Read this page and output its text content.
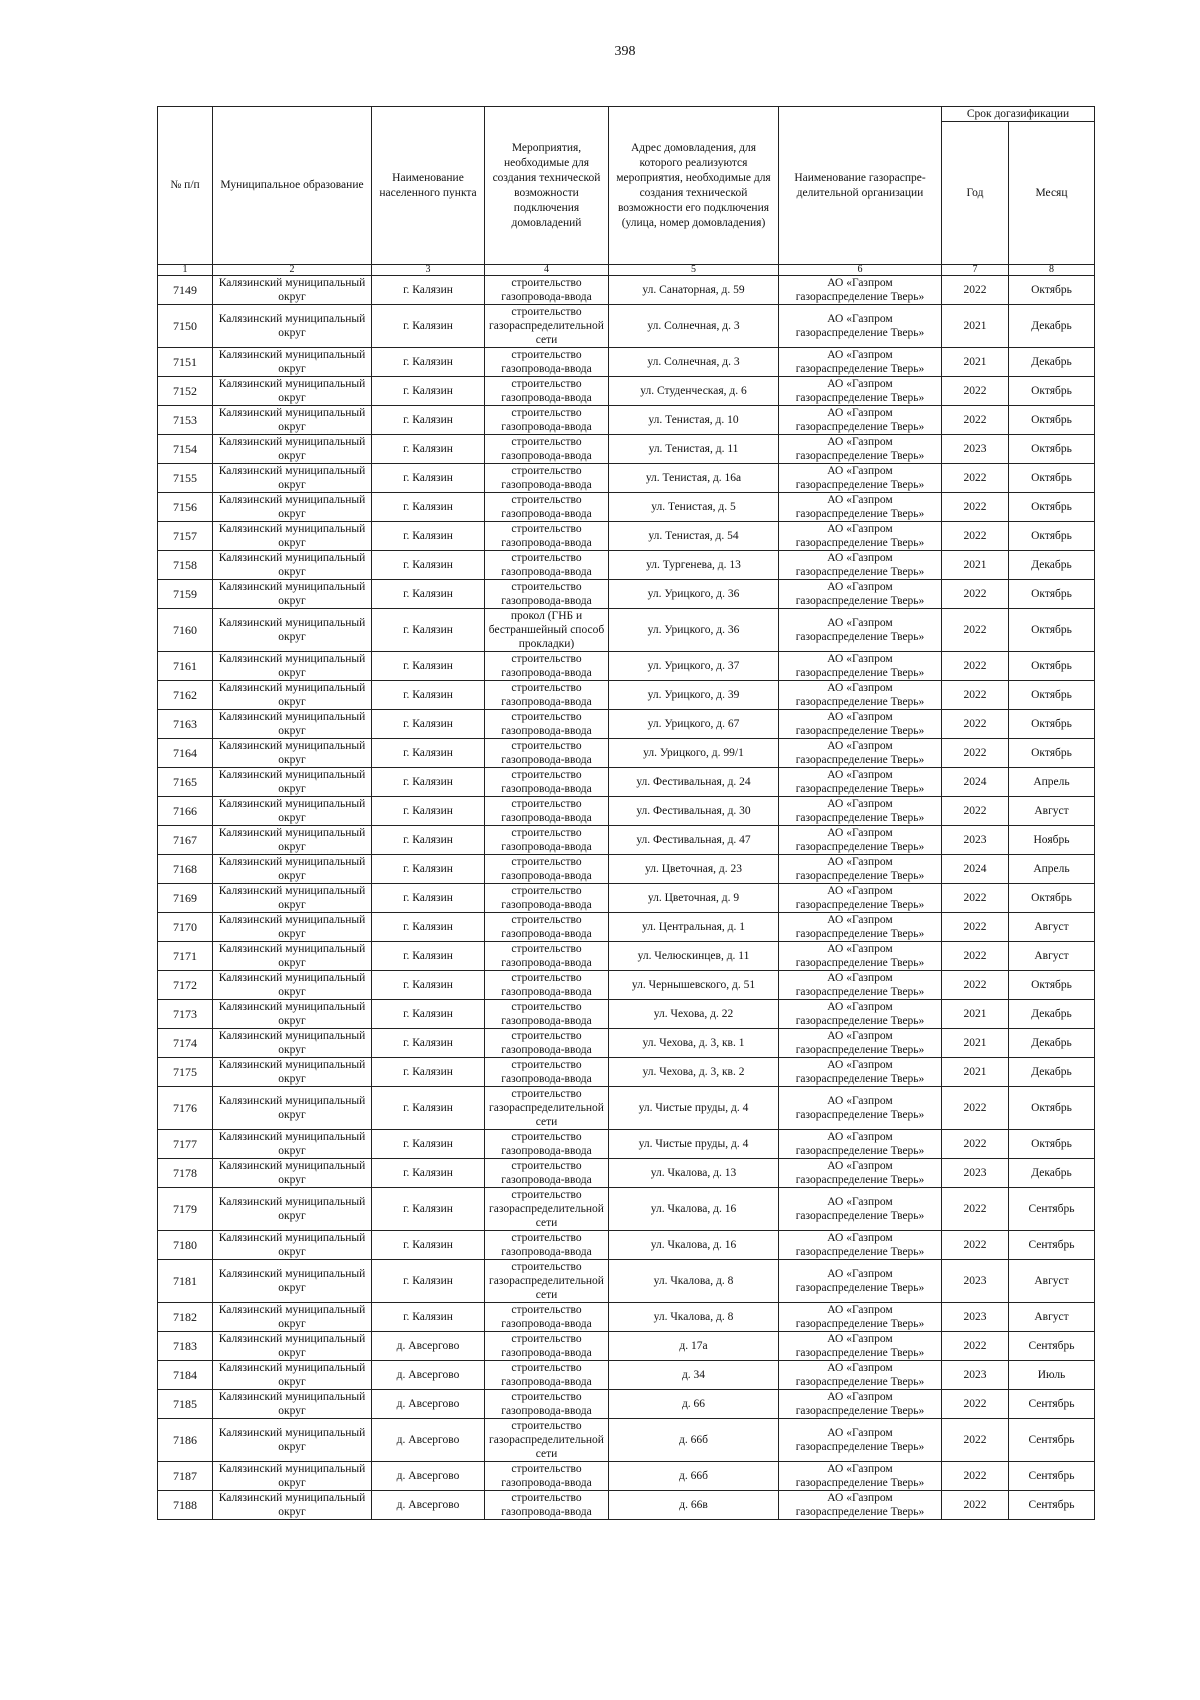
398
№ п/п	Муниципальное образование	Наименование населенного пункта	Мероприятия, необходимые для создания технической возможности подключения домовладений	Адрес домовладения, для которого реализуются мероприятия, необходимые для создания технической возможности его подключения (улица, номер домовладения)	Наименование газораспре-делительной организации	Срок догазификации	
						Год	Месяц
1	2	3	4	5	6	7	8
7149	Калязинский муниципальный округ	г. Калязин	строительство газопровода-ввода	ул. Санаторная, д. 59	АО «Газпром газораспределение Тверь»	2022	Октябрь
7150	Калязинский муниципальный округ	г. Калязин	строительство газораспределительной сети	ул. Солнечная, д. 3	АО «Газпром газораспределение Тверь»	2021	Декабрь
7151	Калязинский муниципальный округ	г. Калязин	строительство газопровода-ввода	ул. Солнечная, д. 3	АО «Газпром газораспределение Тверь»	2021	Декабрь
7152	Калязинский муниципальный округ	г. Калязин	строительство газопровода-ввода	ул. Студенческая, д. 6	АО «Газпром газораспределение Тверь»	2022	Октябрь
7153	Калязинский муниципальный округ	г. Калязин	строительство газопровода-ввода	ул. Тенистая, д. 10	АО «Газпром газораспределение Тверь»	2022	Октябрь
7154	Калязинский муниципальный округ	г. Калязин	строительство газопровода-ввода	ул. Тенистая, д. 11	АО «Газпром газораспределение Тверь»	2023	Октябрь
7155	Калязинский муниципальный округ	г. Калязин	строительство газопровода-ввода	ул. Тенистая, д. 16а	АО «Газпром газораспределение Тверь»	2022	Октябрь
7156	Калязинский муниципальный округ	г. Калязин	строительство газопровода-ввода	ул. Тенистая, д. 5	АО «Газпром газораспределение Тверь»	2022	Октябрь
7157	Калязинский муниципальный округ	г. Калязин	строительство газопровода-ввода	ул. Тенистая, д. 54	АО «Газпром газораспределение Тверь»	2022	Октябрь
7158	Калязинский муниципальный округ	г. Калязин	строительство газопровода-ввода	ул. Тургенева, д. 13	АО «Газпром газораспределение Тверь»	2021	Декабрь
7159	Калязинский муниципальный округ	г. Калязин	строительство газопровода-ввода	ул. Урицкого, д. 36	АО «Газпром газораспределение Тверь»	2022	Октябрь
7160	Калязинский муниципальный округ	г. Калязин	прокол (ГНБ и бестраншейный способ прокладки)	ул. Урицкого, д. 36	АО «Газпром газораспределение Тверь»	2022	Октябрь
7161	Калязинский муниципальный округ	г. Калязин	строительство газопровода-ввода	ул. Урицкого, д. 37	АО «Газпром газораспределение Тверь»	2022	Октябрь
7162	Калязинский муниципальный округ	г. Калязин	строительство газопровода-ввода	ул. Урицкого, д. 39	АО «Газпром газораспределение Тверь»	2022	Октябрь
7163	Калязинский муниципальный округ	г. Калязин	строительство газопровода-ввода	ул. Урицкого, д. 67	АО «Газпром газораспределение Тверь»	2022	Октябрь
7164	Калязинский муниципальный округ	г. Калязин	строительство газопровода-ввода	ул. Урицкого, д. 99/1	АО «Газпром газораспределение Тверь»	2022	Октябрь
7165	Калязинский муниципальный округ	г. Калязин	строительство газопровода-ввода	ул. Фестивальная, д. 24	АО «Газпром газораспределение Тверь»	2024	Апрель
7166	Калязинский муниципальный округ	г. Калязин	строительство газопровода-ввода	ул. Фестивальная, д. 30	АО «Газпром газораспределение Тверь»	2022	Август
7167	Калязинский муниципальный округ	г. Калязин	строительство газопровода-ввода	ул. Фестивальная, д. 47	АО «Газпром газораспределение Тверь»	2023	Ноябрь
7168	Калязинский муниципальный округ	г. Калязин	строительство газопровода-ввода	ул. Цветочная, д. 23	АО «Газпром газораспределение Тверь»	2024	Апрель
7169	Калязинский муниципальный округ	г. Калязин	строительство газопровода-ввода	ул. Цветочная, д. 9	АО «Газпром газораспределение Тверь»	2022	Октябрь
7170	Калязинский муниципальный округ	г. Калязин	строительство газопровода-ввода	ул. Центральная, д. 1	АО «Газпром газораспределение Тверь»	2022	Август
7171	Калязинский муниципальный округ	г. Калязин	строительство газопровода-ввода	ул. Челюскинцев, д. 11	АО «Газпром газораспределение Тверь»	2022	Август
7172	Калязинский муниципальный округ	г. Калязин	строительство газопровода-ввода	ул. Чернышевского, д. 51	АО «Газпром газораспределение Тверь»	2022	Октябрь
7173	Калязинский муниципальный округ	г. Калязин	строительство газопровода-ввода	ул. Чехова, д. 22	АО «Газпром газораспределение Тверь»	2021	Декабрь
7174	Калязинский муниципальный округ	г. Калязин	строительство газопровода-ввода	ул. Чехова, д. 3, кв. 1	АО «Газпром газораспределение Тверь»	2021	Декабрь
7175	Калязинский муниципальный округ	г. Калязин	строительство газопровода-ввода	ул. Чехова, д. 3, кв. 2	АО «Газпром газораспределение Тверь»	2021	Декабрь
7176	Калязинский муниципальный округ	г. Калязин	строительство газораспределительной сети	ул. Чистые пруды, д. 4	АО «Газпром газораспределение Тверь»	2022	Октябрь
7177	Калязинский муниципальный округ	г. Калязин	строительство газопровода-ввода	ул. Чистые пруды, д. 4	АО «Газпром газораспределение Тверь»	2022	Октябрь
7178	Калязинский муниципальный округ	г. Калязин	строительство газопровода-ввода	ул. Чкалова, д. 13	АО «Газпром газораспределение Тверь»	2023	Декабрь
7179	Калязинский муниципальный округ	г. Калязин	строительство газораспределительной сети	ул. Чкалова, д. 16	АО «Газпром газораспределение Тверь»	2022	Сентябрь
7180	Калязинский муниципальный округ	г. Калязин	строительство газопровода-ввода	ул. Чкалова, д. 16	АО «Газпром газораспределение Тверь»	2022	Сентябрь
7181	Калязинский муниципальный округ	г. Калязин	строительство газораспределительной сети	ул. Чкалова, д. 8	АО «Газпром газораспределение Тверь»	2023	Август
7182	Калязинский муниципальный округ	г. Калязин	строительство газопровода-ввода	ул. Чкалова, д. 8	АО «Газпром газораспределение Тверь»	2023	Август
7183	Калязинский муниципальный округ	д. Авсергово	строительство газопровода-ввода	д. 17а	АО «Газпром газораспределение Тверь»	2022	Сентябрь
7184	Калязинский муниципальный округ	д. Авсергово	строительство газопровода-ввода	д. 34	АО «Газпром газораспределение Тверь»	2023	Июль
7185	Калязинский муниципальный округ	д. Авсергово	строительство газопровода-ввода	д. 66	АО «Газпром газораспределение Тверь»	2022	Сентябрь
7186	Калязинский муниципальный округ	д. Авсергово	строительство газораспределительной сети	д. 66б	АО «Газпром газораспределение Тверь»	2022	Сентябрь
7187	Калязинский муниципальный округ	д. Авсергово	строительство газопровода-ввода	д. 66б	АО «Газпром газораспределение Тверь»	2022	Сентябрь
7188	Калязинский муниципальный округ	д. Авсергово	строительство газопровода-ввода	д. 66в	АО «Газпром газораспределение Тверь»	2022	Сентябрь
